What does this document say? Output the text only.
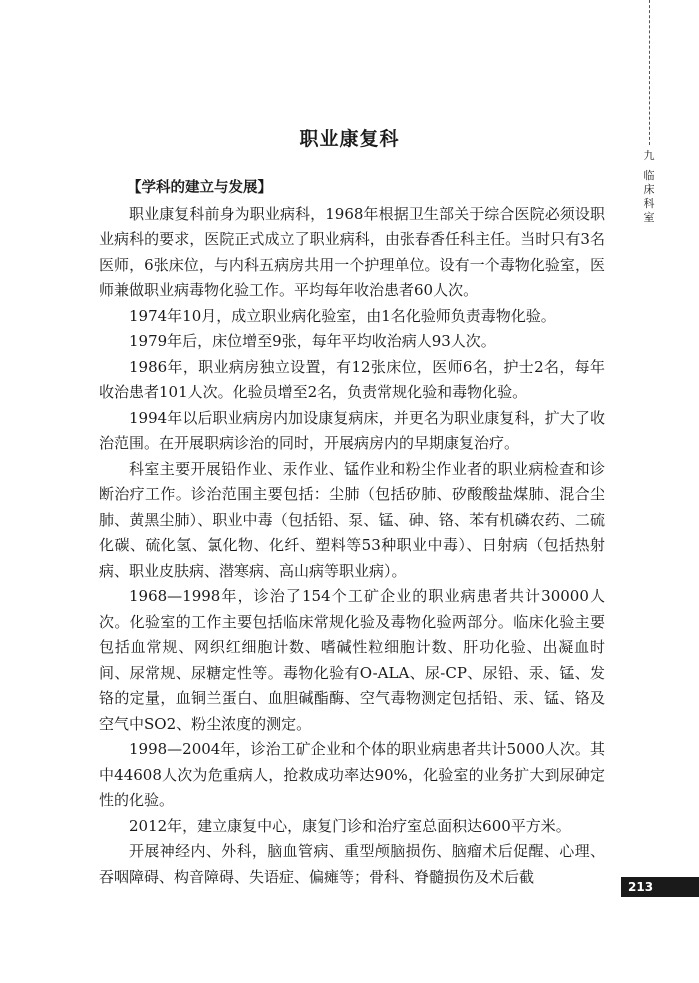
九
临
床
科
室
职业康复科
【学科的建立与发展】

职业康复科前身为职业病科，1968年根据卫生部关于综合医院必须设职业病科的要求，医院正式成立了职业病科，由张春香任科主任。当时只有3名医师，6张床位，与内科五病房共用一个护理单位。设有一个毒物化验室，医师兼做职业病毒物化验工作。平均每年收治患者60人次。

1974年10月，成立职业病化验室，由1名化验师负责毒物化验。

1979年后，床位增至9张，每年平均收治病人93人次。

1986年，职业病房独立设置，有12张床位，医师6名，护士2名，每年收治患者101人次。化验员增至2名，负责常规化验和毒物化验。

1994年以后职业病房内加设康复病床，并更名为职业康复科，扩大了收治范围。在开展职病诊治的同时，开展病房内的早期康复治疗。

科室主要开展铅作业、汞作业、锰作业和粉尘作业者的职业病检查和诊断治疗工作。诊治范围主要包括：尘肺（包括矽肺、矽酸酸盐煤肺、混合尘肺、黄黑尘肺）、职业中毒（包括铅、泵、锰、砷、铬、苯有机磷农药、二硫化碳、硫化氢、氯化物、化纤、塑料等53种职业中毒）、日射病（包括热射病、职业皮肤病、潜寒病、高山病等职业病）。

1968—1998年，诊治了154个工矿企业的职业病患者共计30000人次。化验室的工作主要包括临床常规化验及毒物化验两部分。临床化验主要包括血常规、网织红细胞计数、嗜碱性粒细胞计数、肝功化验、出凝血时间、尿常规、尿糖定性等。毒物化验有O-ALA、尿-CP、尿铅、汞、锰、发铬的定量，血铜兰蛋白、血胆碱酯酶、空气毒物测定包括铅、汞、锰、铬及空气中SO2、粉尘浓度的测定。

1998—2004年，诊治工矿企业和个体的职业病患者共计5000人次。其中44608人次为危重病人，抢救成功率达90%，化验室的业务扩大到尿砷定性的化验。

2012年，建立康复中心，康复门诊和治疗室总面积达600平方米。

开展神经内、外科，脑血管病、重型颅脑损伤、脑瘤术后促醒、心理、吞咽障碍、构音障碍、失语症、偏瘫等；骨科、脊髓损伤及术后截

213
